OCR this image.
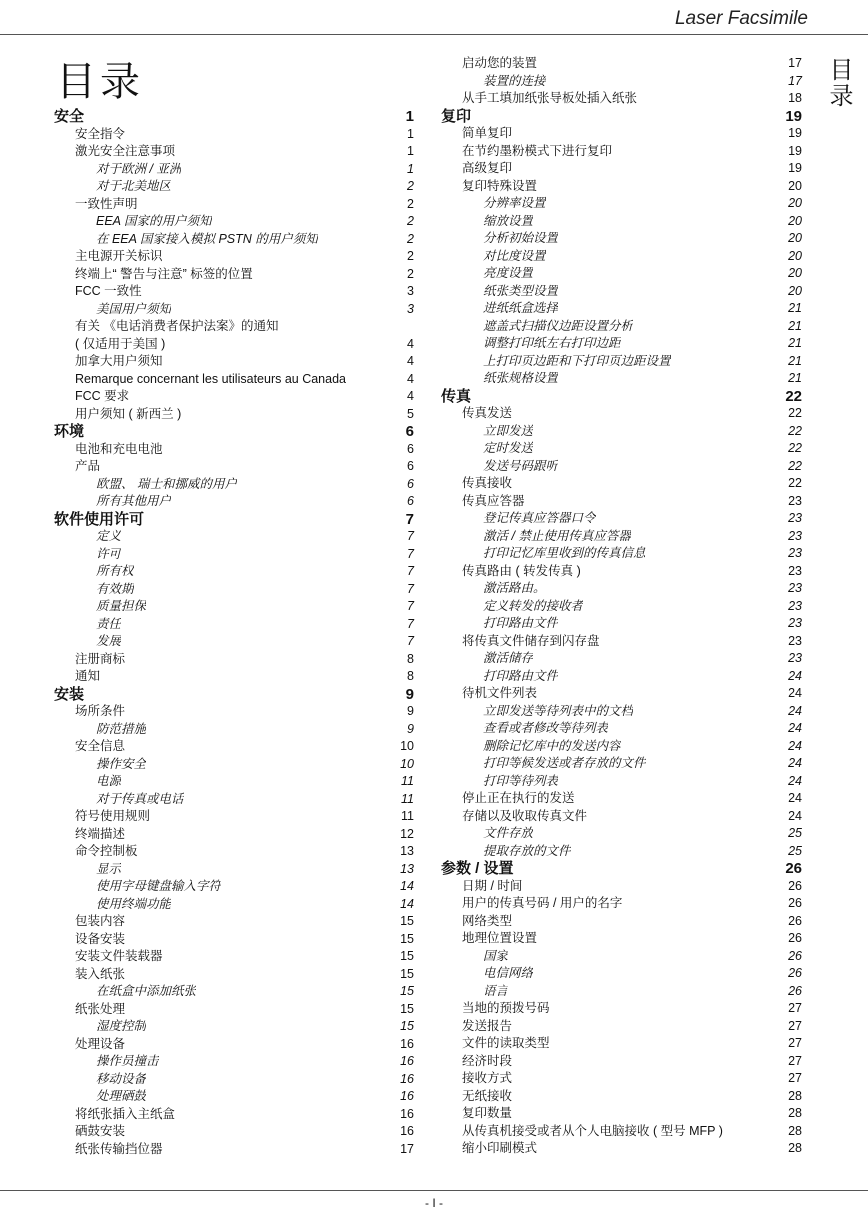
Laser Facsimile
目录	目录
安全	1
安全指令	1
激光安全注意事项	1
对于欧洲 / 亚洲	1
对于北美地区	2
一致性声明	2
EEA 国家的用户须知	2
在 EEA 国家接入模拟 PSTN 的用户须知	2
主电源开关标识	2
终端上“ 警告与注意” 标签的位置	2
FCC 一致性	3
美国用户须知	3
有关 《电话消费者保护法案》的通知
( 仅适用于美国 )	4
加拿大用户须知	4
Remarque concernant les utilisateurs au Canada	4
FCC 要求	4
用户须知 ( 新西兰 )	5
环境	6
电池和充电电池	6
产品	6
欧盟、 瑞士和挪威的用户	6
所有其他用户	6
软件使用许可	7
定义	7
许可	7
所有权	7
有效期	7
质量担保	7
责任	7
发展	7
注册商标	8
通知	8
安装	9
场所条件	9
防范措施	9
安全信息	10
操作安全	10
电源	11
对于传真或电话	11
符号使用规则	11
终端描述	12
命令控制板	13
显示	13
使用字母键盘输入字符	14
使用终端功能	14
包装内容	15
设备安装	15
安装文件装载器	15
装入纸张	15
在纸盒中添加纸张	15
纸张处理	15
湿度控制	15
处理设备	16
操作员撞击	16
移动设备	16
处理硒鼓	16
将纸张插入主纸盒	16
硒鼓安装	16
纸张传输挡位器	17
启动您的装置	17
装置的连接	17
从手工填加纸张导板处插入纸张	18
复印	19
简单复印	19
在节约墨粉模式下进行复印	19
高级复印	19
复印特殊设置	20
分辨率设置	20
缩放设置	20
分析初始设置	20
对比度设置	20
亮度设置	20
纸张类型设置	20
进纸纸盒选择	21
遮盖式扫描仪边距设置分析	21
调整打印纸左右打印边距	21
上打印页边距和下打印页边距设置	21
纸张规格设置	21
传真	22
传真发送	22
立即发送	22
定时发送	22
发送号码跟听	22
传真接收	22
传真应答器	23
登记传真应答器口令	23
激活 / 禁止使用传真应答器	23
打印记忆库里收到的传真信息	23
传真路由 ( 转发传真 )	23
激活路由。	23
定义转发的接收者	23
打印路由文件	23
将传真文件储存到闪存盘	23
激活储存	23
打印路由文件	24
待机文件列表	24
立即发送等待列表中的文档	24
查看或者修改等待列表	24
删除记忆库中的发送内容	24
打印等候发送或者存放的文件	24
打印等待列表	24
停止正在执行的发送	24
存储以及收取传真文件	24
文件存放	25
提取存放的文件	25
参数 / 设置	26
日期 / 时间	26
用户的传真号码 / 用户的名字	26
网络类型	26
地理位置设置	26
国家	26
电信网络	26
语言	26
当地的预拨号码	27
发送报告	27
文件的读取类型	27
经济时段	27
接收方式	27
无纸接收	28
复印数量	28
从传真机接受或者从个人电脑接收 ( 型号 MFP )	28
缩小印刷模式	28
- I -
